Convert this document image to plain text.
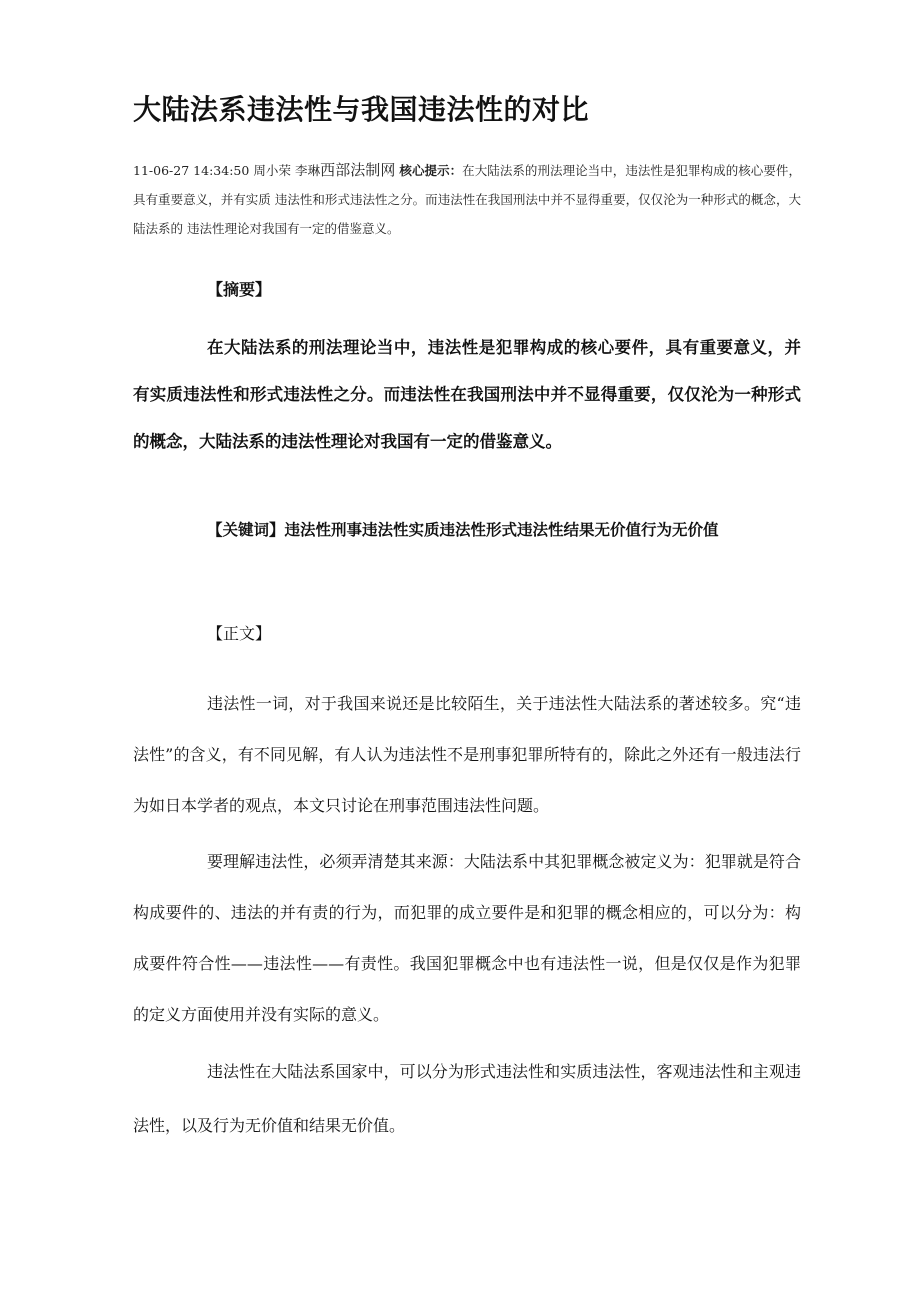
大陆法系违法性与我国违法性的对比

11-06-27 14:34:50 周小荣 李琳西部法制网 核心提示：在大陆法系的刑法理论当中，违法性是犯罪构成的核心要件，具有重要意义，并有实质 违法性和形式违法性之分。而违法性在我国刑法中并不显得重要，仅仅沦为一种形式的概念，大陆法系的 违法性理论对我国有一定的借鉴意义。

【摘要】

在大陆法系的刑法理论当中，违法性是犯罪构成的核心要件，具有重要意义，并　 有实质违法性和形式违法性之分。而违法性在我国刑法中并不显得重要，仅仅沦为一种形式 的概念，大陆法系的违法性理论对我国有一定的借鉴意义。

【关键词】违法性刑事违法性实质违法性形式违法性结果无价值行为无价值

【正文】

违法性一词，对于我国来说还是比较陌生，关于违法性大陆法系的著述较多。究“违法性”的含义，有不同见解，有人认为违法性不是刑事犯罪所特有的，除此之外还有一般违法行为如日本学者的观点，本文只讨论在刑事范围违法性问题。

要理解违法性，必须弄清楚其来源：大陆法系中其犯罪概念被定义为：犯罪就是符合构成要件的、违法的并有责的行为，而犯罪的成立要件是和犯罪的概念相应的，可以分为：构成要件符合性——违法性——有责性。我国犯罪概念中也有违法性一说，但是仅仅是作为犯罪的定义方面使用并没有实际的意义。

违法性在大陆法系国家中，可以分为形式违法性和实质违法性，客观违法性和主观违法性，以及行为无价值和结果无价值。
